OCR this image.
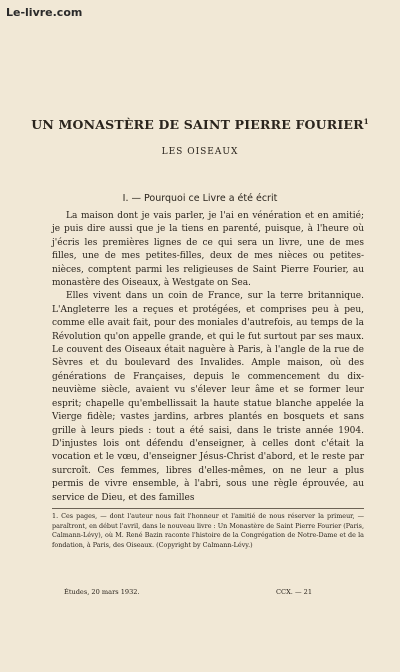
Le-livre.com
UN MONASTÈRE DE SAINT PIERRE FOURIER$^1$
LES OISEAUX
I. — Pourquoi ce Livre a été écrit

La maison dont je vais parler, je l'ai en vénération et en amitié; je puis dire aussi que je la tiens en parenté, puisque, à l'heure où j'écris les premières lignes de ce qui sera un livre, une de mes filles, une de mes petites-filles, deux de mes nièces ou petites-nièces, comptent parmi les religieuses de Saint Pierre Fourier, au monastère des Oiseaux, à Westgate on Sea.

Elles vivent dans un coin de France, sur la terre britannique. L'Angleterre les a reçues et protégées, et comprises peu à peu, comme elle avait fait, pour des moniales d'autrefois, au temps de la Révolution qu'on appelle grande, et qui le fut surtout par ses maux. Le couvent des Oiseaux était naguère à Paris, à l'angle de la rue de Sèvres et du boulevard des Invalides. Ample maison, où des générations de Françaises, depuis le commencement du dix-neuvième siècle, avaient vu s'élever leur âme et se former leur esprit; chapelle qu'embellissait la haute statue blanche appelée la Vierge fidèle; vastes jardins, arbres plantés en bosquets et sans grille à leurs pieds : tout a été saisi, dans le triste année 1904. D'injustes lois ont défendu d'enseigner, à celles dont c'était la vocation et le vœu, d'enseigner Jésus-Christ d'abord, et le reste par surcroît. Ces femmes, libres d'elles-mêmes, on ne leur a plus permis de vivre ensemble, à l'abri, sous une règle éprouvée, au service de Dieu, et des familles

1. Ces pages, — dont l'auteur nous fait l'honneur et l'amitié de nous réserver la primeur, — paraîtront, en début l'avril, dans le nouveau livre : Un Monastère de Saint Pierre Fourier (Paris, Calmann-Lévy), où M. René Bazin raconte l'histoire de la Congrégation de Notre-Dame et de la fondation, à Paris, des Oiseaux. (Copyright by Calmann-Lévy.)
Études, 20 mars 1932.	CCX. — 21
